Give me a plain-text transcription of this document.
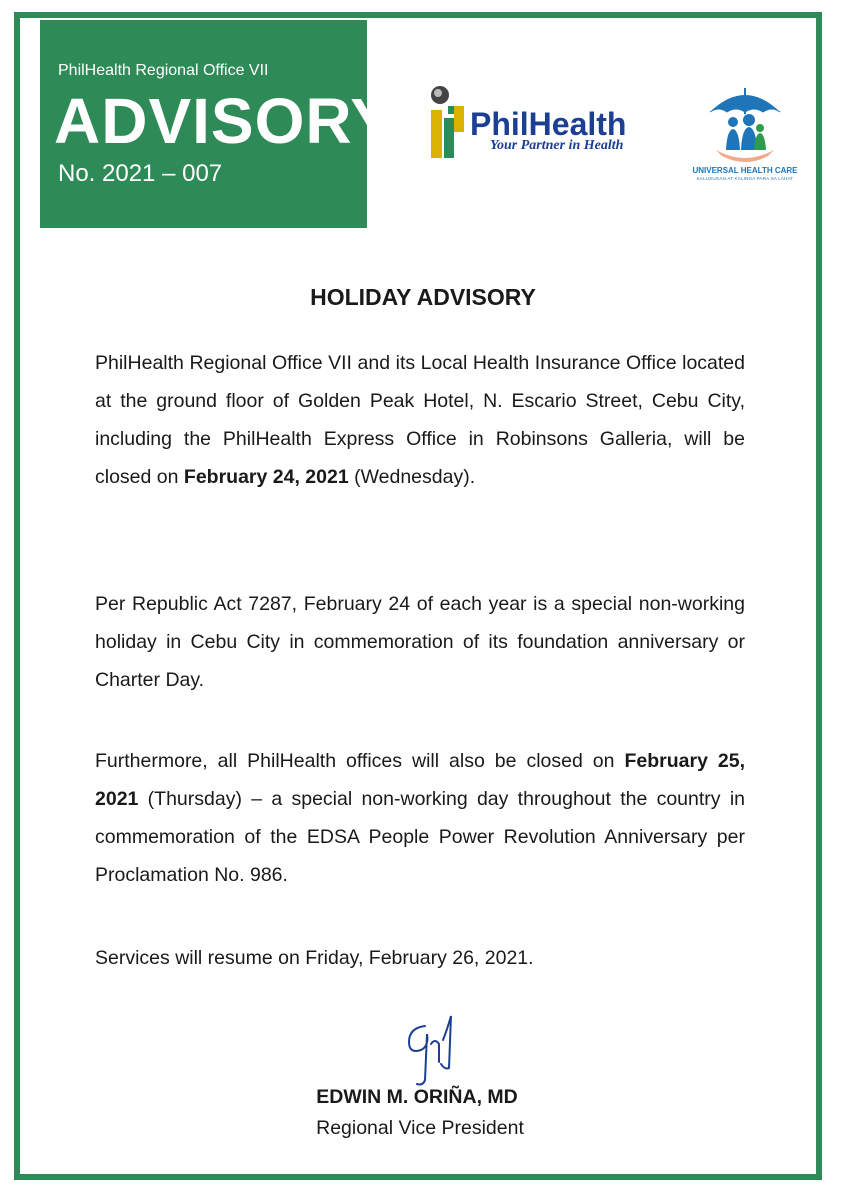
PhilHealth Regional Office VII
ADVISORY
No. 2021 – 007
PhilHealth
Your Partner in Health
UNIVERSAL HEALTH CARE
KALUSUGAN AT KALINGA PARA SA LAHAT
HOLIDAY ADVISORY
PhilHealth Regional Office VII and its Local Health Insurance Office located at the ground floor of Golden Peak Hotel, N. Escario Street, Cebu City, including the PhilHealth Express Office in Robinsons Galleria, will be closed on February 24, 2021 (Wednesday).
Per Republic Act 7287, February 24 of each year is a special non-working holiday in Cebu City in commemoration of its foundation anniversary or Charter Day.
Furthermore, all PhilHealth offices will also be closed on February 25, 2021 (Thursday) – a special non-working day throughout the country in commemoration of the EDSA People Power Revolution Anniversary per Proclamation No. 986.
Services will resume on Friday, February 26, 2021.
EDWIN M. ORIÑA, MD
Regional Vice President
